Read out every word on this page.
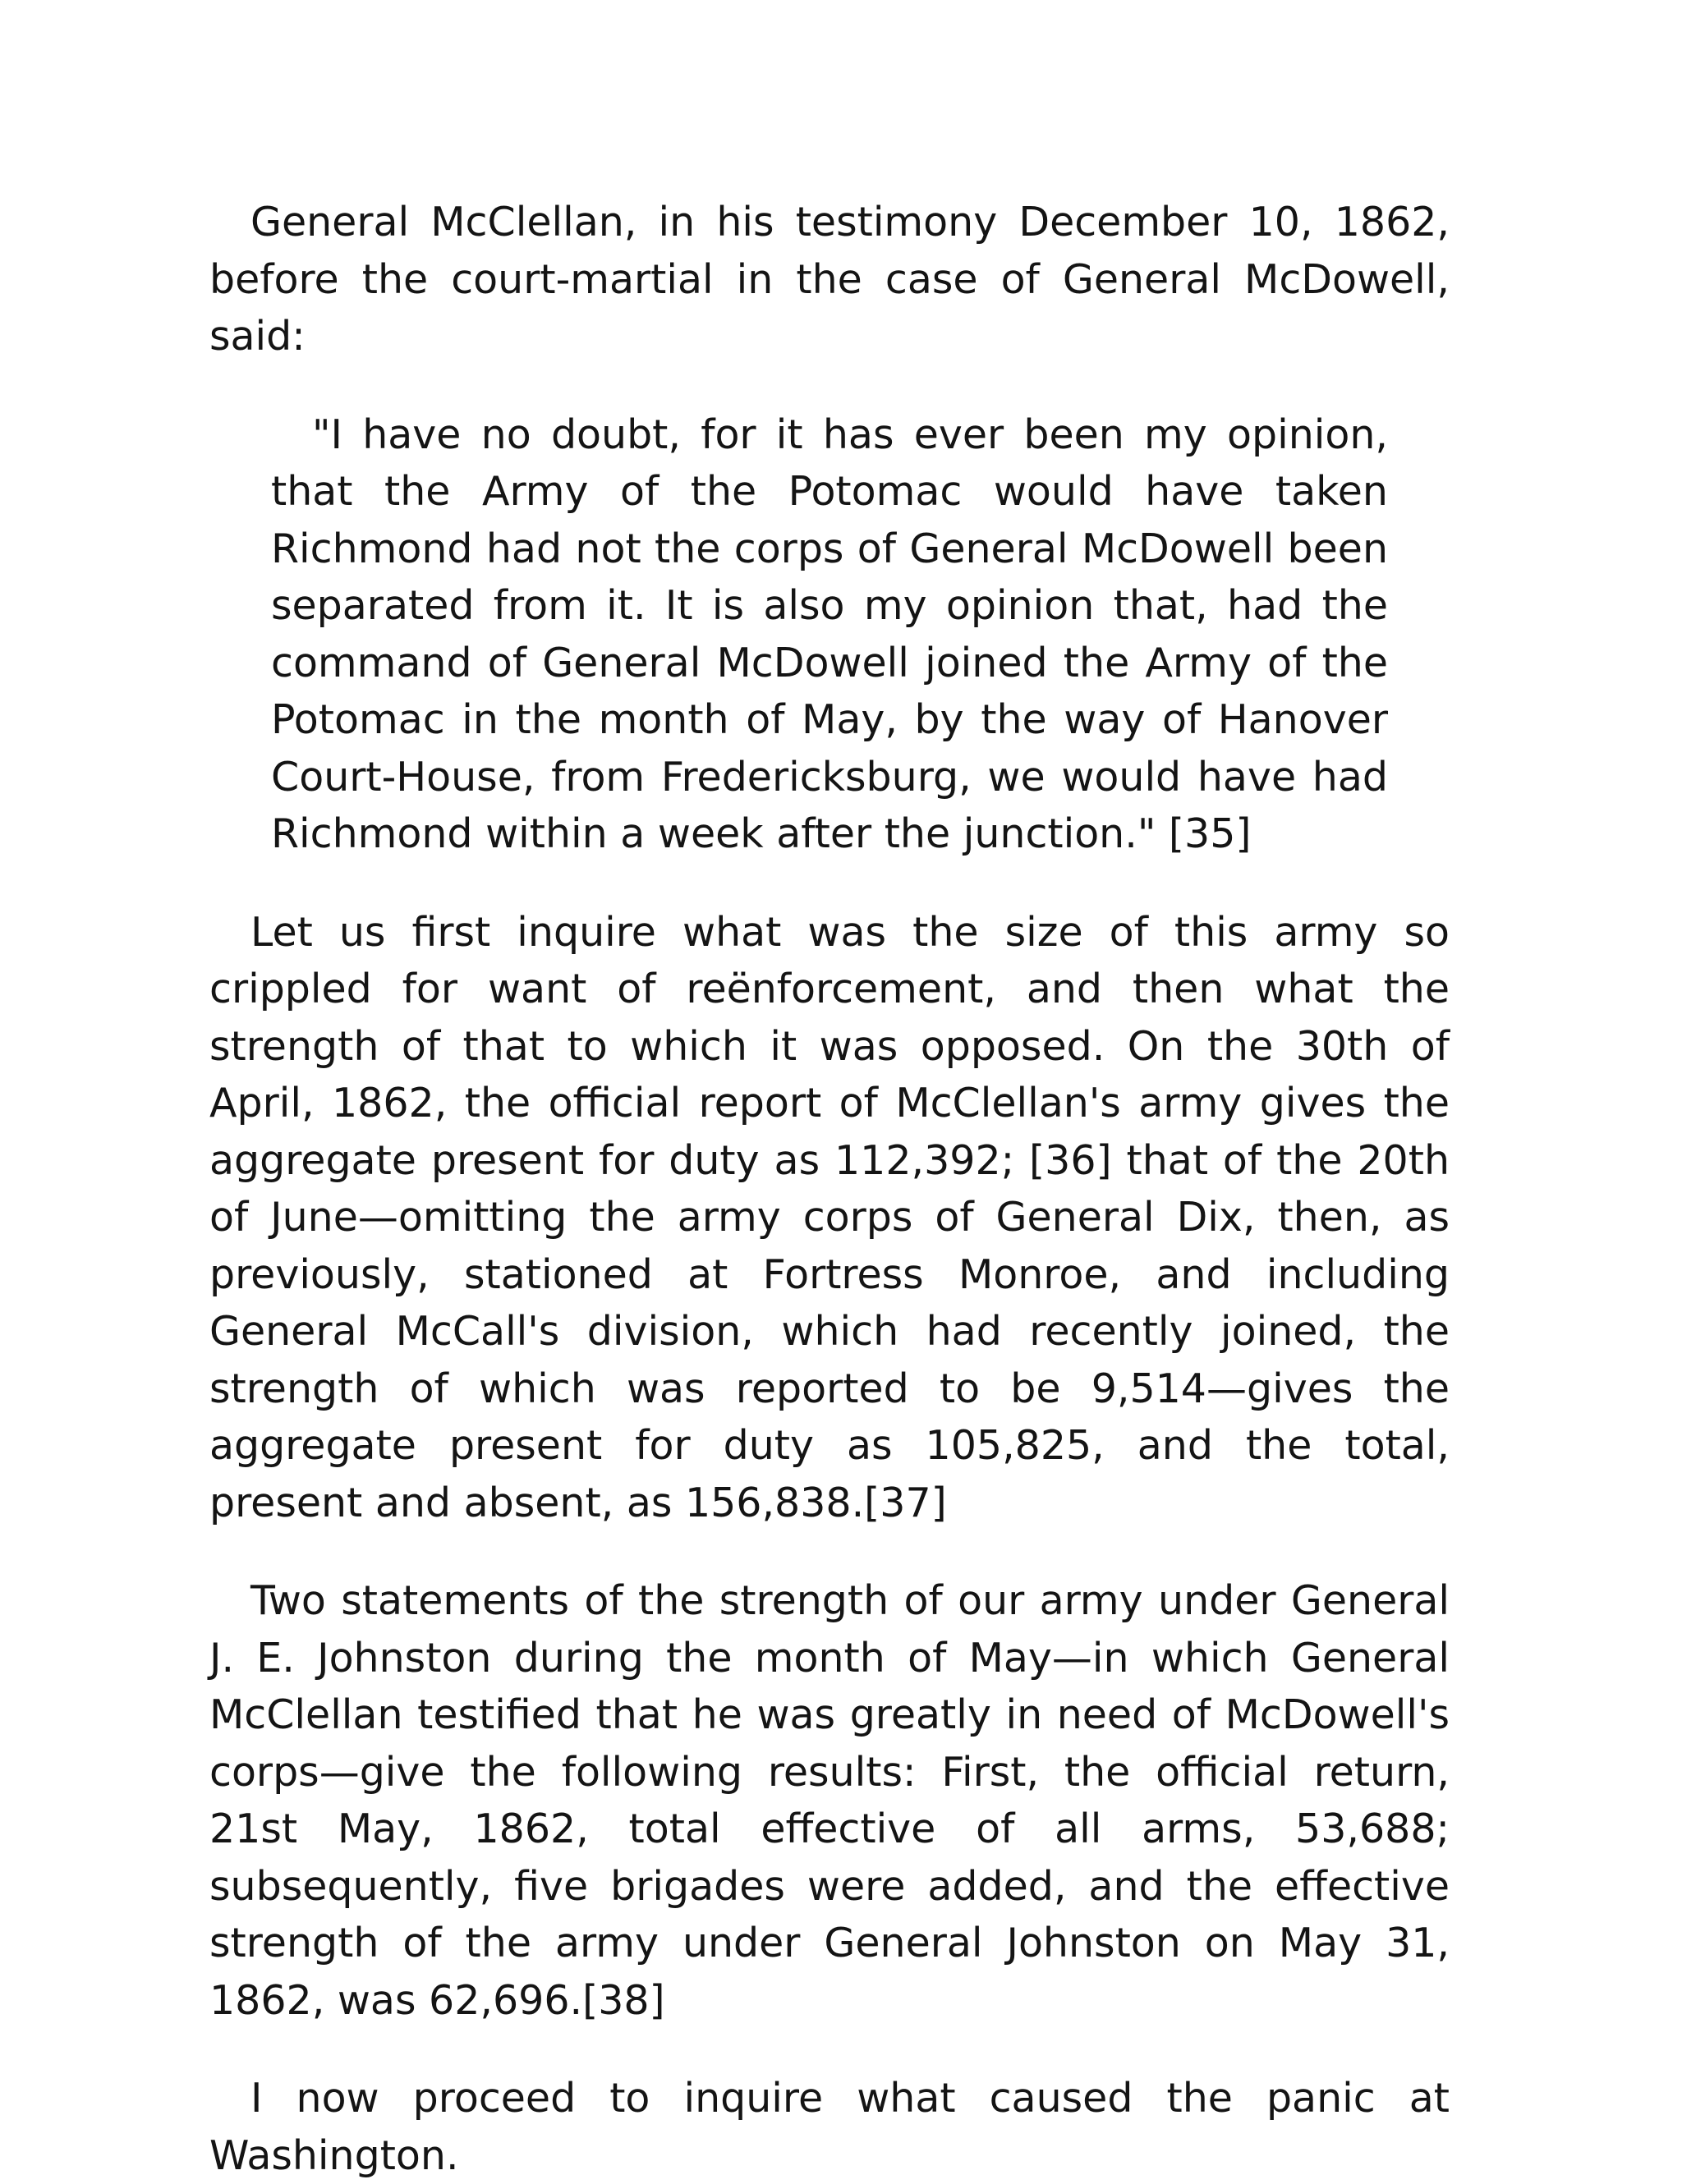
General McClellan, in his testimony December 10, 1862, before the court-martial in the case of General McDowell, said:

"I have no doubt, for it has ever been my opinion, that the Army of the Potomac would have taken Richmond had not the corps of General McDowell been separated from it. It is also my opinion that, had the command of General McDowell joined the Army of the Potomac in the month of May, by the way of Hanover Court-House, from Fredericksburg, we would have had Richmond within a week after the junction." [35]

Let us first inquire what was the size of this army so crippled for want of reënforcement, and then what the strength of that to which it was opposed. On the 30th of April, 1862, the official report of McClellan's army gives the aggregate present for duty as 112,392; [36] that of the 20th of June—omitting the army corps of General Dix, then, as previously, stationed at Fortress Monroe, and including General McCall's division, which had recently joined, the strength of which was reported to be 9,514—gives the aggregate present for duty as 105,825, and the total, present and absent, as 156,838.[37]

Two statements of the strength of our army under General J. E. Johnston during the month of May—in which General McClellan testified that he was greatly in need of McDowell's corps—give the following results: First, the official return, 21st May, 1862, total effective of all arms, 53,688; subsequently, five brigades were added, and the effective strength of the army under General Johnston on May 31, 1862, was 62,696.[38]

I now proceed to inquire what caused the panic at Washington.
